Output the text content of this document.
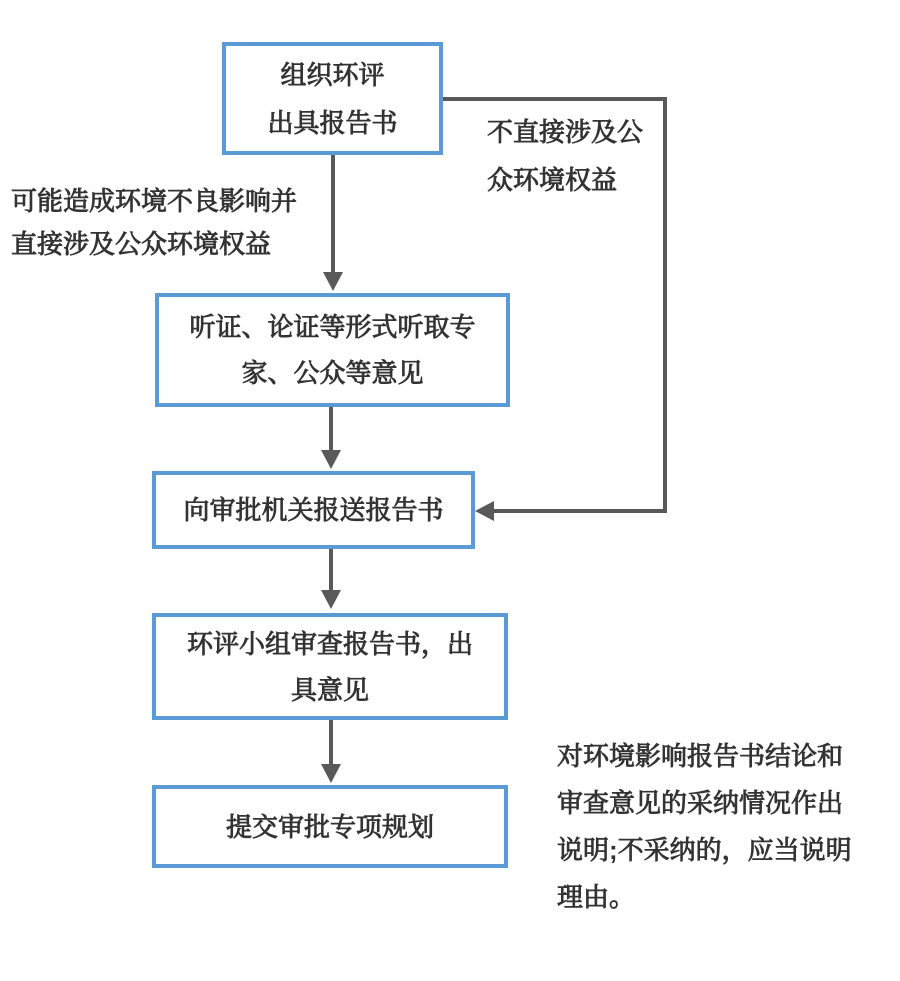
组织环评
出具报告书
听证、论证等形式听取专
家、公众等意见
向审批机关报送报告书
环评小组审查报告书，出
具意见
提交审批专项规划
可能造成环境不良影响并
直接涉及公众环境权益
不直接涉及公
众环境权益
对环境影响报告书结论和
审查意见的采纳情况作出
说明;不采纳的，应当说明
理由。
